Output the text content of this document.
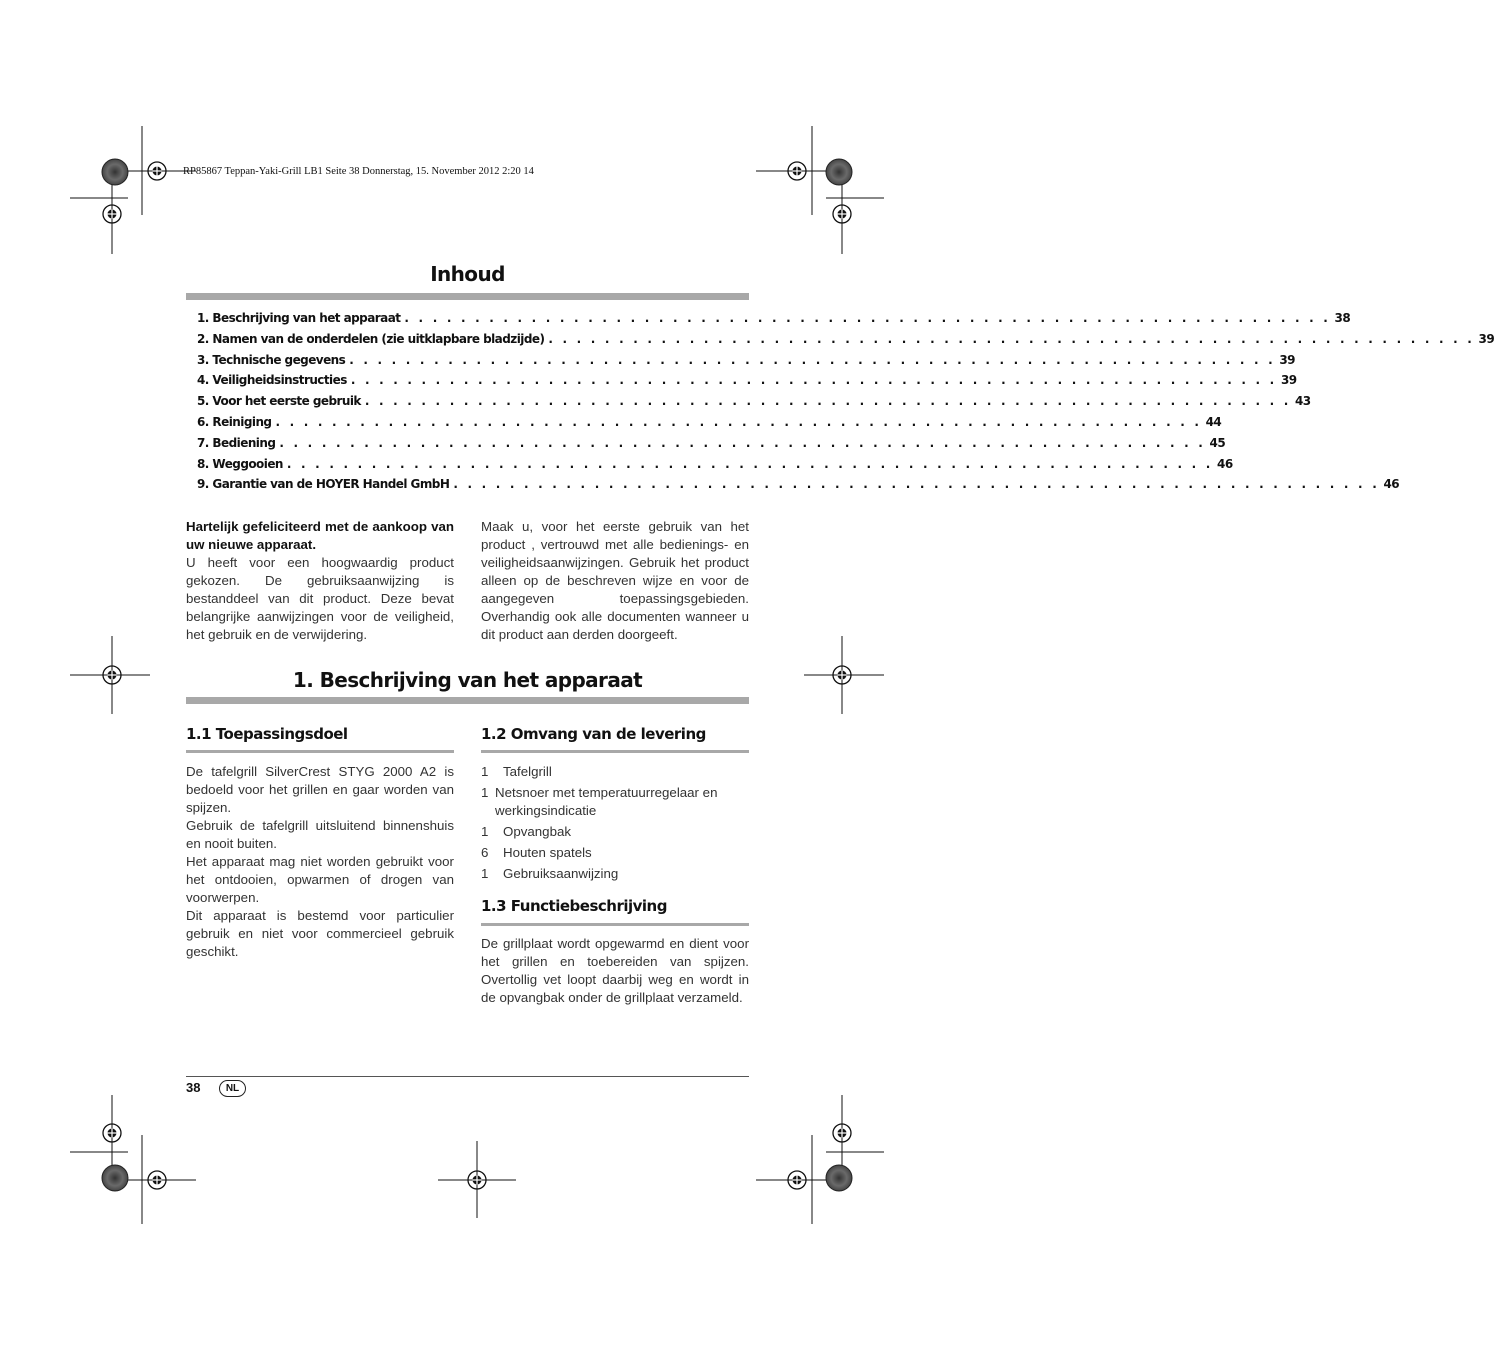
RP85867 Teppan-Yaki-Grill LB1 Seite 38 Donnerstag, 15. November 2012 2:20 14
Inhoud
1. Beschrijving van het apparaat . . . . . . . . . . . . . . . . . . . . . . . . . . . . . . . . . . . . . . . . . . . . . . . . . . . . . . . . . . . . . . . . . . 38
2. Namen van de onderdelen (zie uitklapbare bladzijde) . . . . . . . . . . . . . . . . . . . . . . . . . . . . . . . . . . . . . . . . . . . . . . . . . . . . . . . . . . . . . . . . . . 39
3. Technische gegevens . . . . . . . . . . . . . . . . . . . . . . . . . . . . . . . . . . . . . . . . . . . . . . . . . . . . . . . . . . . . . . . . . . 39
4. Veiligheidsinstructies . . . . . . . . . . . . . . . . . . . . . . . . . . . . . . . . . . . . . . . . . . . . . . . . . . . . . . . . . . . . . . . . . . 39
5. Voor het eerste gebruik . . . . . . . . . . . . . . . . . . . . . . . . . . . . . . . . . . . . . . . . . . . . . . . . . . . . . . . . . . . . . . . . . . 43
6. Reiniging . . . . . . . . . . . . . . . . . . . . . . . . . . . . . . . . . . . . . . . . . . . . . . . . . . . . . . . . . . . . . . . . . . 44
7. Bediening . . . . . . . . . . . . . . . . . . . . . . . . . . . . . . . . . . . . . . . . . . . . . . . . . . . . . . . . . . . . . . . . . . 45
8. Weggooien . . . . . . . . . . . . . . . . . . . . . . . . . . . . . . . . . . . . . . . . . . . . . . . . . . . . . . . . . . . . . . . . . . 46
9. Garantie van de HOYER Handel GmbH . . . . . . . . . . . . . . . . . . . . . . . . . . . . . . . . . . . . . . . . . . . . . . . . . . . . . . . . . . . . . . . . . . 46

Hartelijk gefeliciteerd met de aankoop van uw nieuwe apparaat.

U heeft voor een hoogwaardig product gekozen. De gebruiksaanwijzing is bestanddeel van dit product. Deze bevat belangrijke aanwijzingen voor de veiligheid, het gebruik en de verwijdering.

Maak u, voor het eerste gebruik van het product , vertrouwd met alle bedienings- en veiligheidsaanwijzingen. Gebruik het product alleen op de beschreven wijze en voor de aangegeven toepassingsgebieden. Overhandig ook alle documenten wanneer u dit product aan derden doorgeeft.

1. Beschrijving van het apparaat
1.1 Toepassingsdoel

De tafelgrill SilverCrest STYG 2000 A2 is bedoeld voor het grillen en gaar worden van spijzen.

Gebruik de tafelgrill uitsluitend binnenshuis en nooit buiten.

Het apparaat mag niet worden gebruikt voor het ontdooien, opwarmen of drogen van voorwerpen.

Dit apparaat is bestemd voor particulier gebruik en niet voor commercieel gebruik geschikt.

1.2 Omvang van de levering
1	Tafelgrill
1 Netsnoer met temperatuurregelaar en werkingsindicatie
1	Opvangbak
6	Houten spatels
1	Gebruiksaanwijzing
1.3 Functiebeschrijving

De grillplaat wordt opgewarmd en dient voor het grillen en toebereiden van spijzen. Overtollig vet loopt daarbij weg en wordt in de opvangbak onder de grillplaat verzameld.

38	NL
